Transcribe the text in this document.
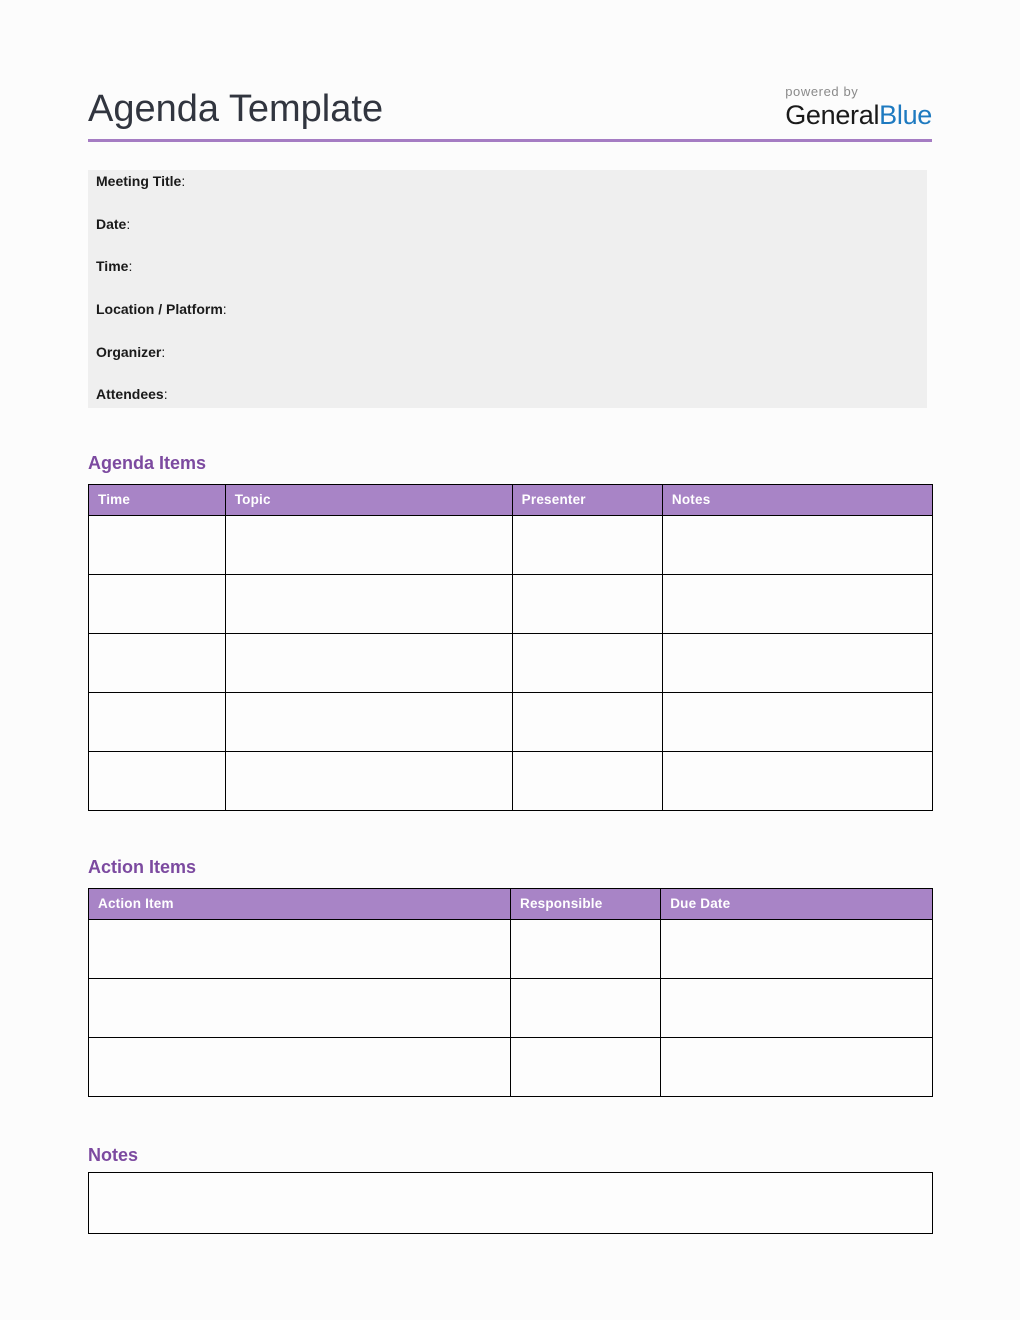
Agenda Template	powered by
GeneralBlue
Meeting Title:
Date:
Time:
Location / Platform:
Organizer:
Attendees:
Agenda Items
Time	Topic	Presenter	Notes

Action Items
Action Item	Responsible	Due Date

Notes
